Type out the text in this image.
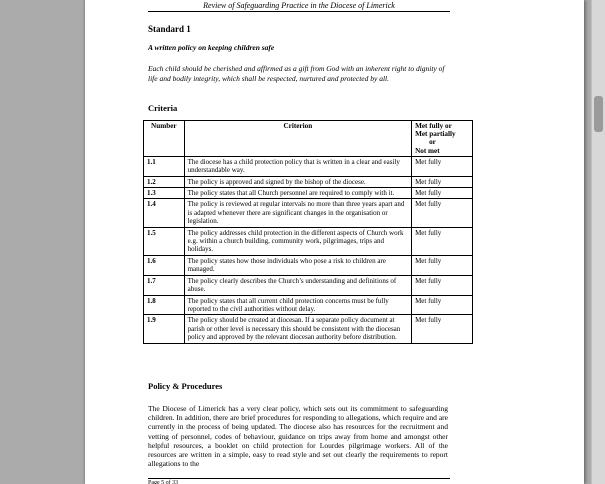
Review of Safeguarding Practice in the Diocese of Limerick
Standard 1
A written policy on keeping children safe
Each child should be cherished and affirmed as a gift from God with an inherent right to dignity of life and bodily integrity, which shall be respected, nurtured and protected by all.
Criteria
Number	Criterion	Met fully or
Met partially
or
Not met

1.1	The diocese has a child protection policy that is written in a clear and easily understandable way.	Met fully
1.2	The policy is approved and signed by the bishop of the diocese.	Met fully
1.3	The policy states that all Church personnel are required to comply with it.	Met fully
1.4	The policy is reviewed at regular intervals no more than three years apart and is adapted whenever there are significant changes in the organisation or legislation.	Met fully
1.5	The policy addresses child protection in the different aspects of Church work e.g. within a church building, community work, pilgrimages, trips and holidays.	Met fully
1.6	The policy states how those individuals who pose a risk to children are managed.	Met fully
1.7	The policy clearly describes the Church’s understanding and definitions of abuse.	Met fully
1.8	The policy states that all current child protection concerns must be fully reported to the civil authorities without delay.	Met fully
1.9	The policy should be created at diocesan. If a separate policy document at parish or other level is necessary this should be consistent with the diocesan policy and approved by the relevant diocesan authority before distribution.	Met fully
Policy & Procedures
The Diocese of Limerick has a very clear policy, which sets out its commitment to safeguarding children. In addition, there are brief procedures for responding to allegations, which require and are currently in the process of being updated. The diocese also has resources for the recruitment and vetting of personnel, codes of behaviour, guidance on trips away from home and amongst other helpful resources, a booklet on child protection for Lourdes pilgrimage workers. All of the resources are written in a simple, easy to read style and set out clearly the requirements to report allegations to the
Page 5 of 33
